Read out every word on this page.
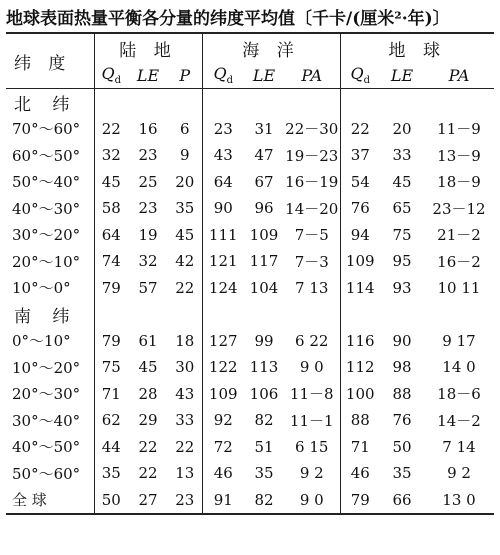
地球表面热量平衡各分量的纬度平均值〔千卡/(厘米²·年)〕
纬 度	陆 地			海 洋			地 球		
	$Q_d$	LE	P	$Q_d$	LE	PA	$Q_d$	LE	PA
北 纬									
70°～60°	22	16	6	23	31	22－30	22	20	11－9
60°～50°	32	23	9	43	47	19－23	37	33	13－9
50°～40°	45	25	20	64	67	16－19	54	45	18－9
40°～30°	58	23	35	90	96	14－20	76	65	23－12
30°～20°	64	19	45	111	109	7－5	94	75	21－2
20°～10°	74	32	42	121	117	7－3	109	95	16－2
10°～0°	79	57	22	124	104	7 13	114	93	10 11
南 纬									
0°～10°	79	61	18	127	99	6 22	116	90	9 17
10°～20°	75	45	30	122	113	9 0	112	98	14 0
20°～30°	71	28	43	109	106	11－8	100	88	18－6
30°～40°	62	29	33	92	82	11－1	88	76	14－2
40°～50°	44	22	22	72	51	6 15	71	50	7 14
50°～60°	35	22	13	46	35	9 2	46	35	9 2
全 球	50	27	23	91	82	9 0	79	66	13 0
